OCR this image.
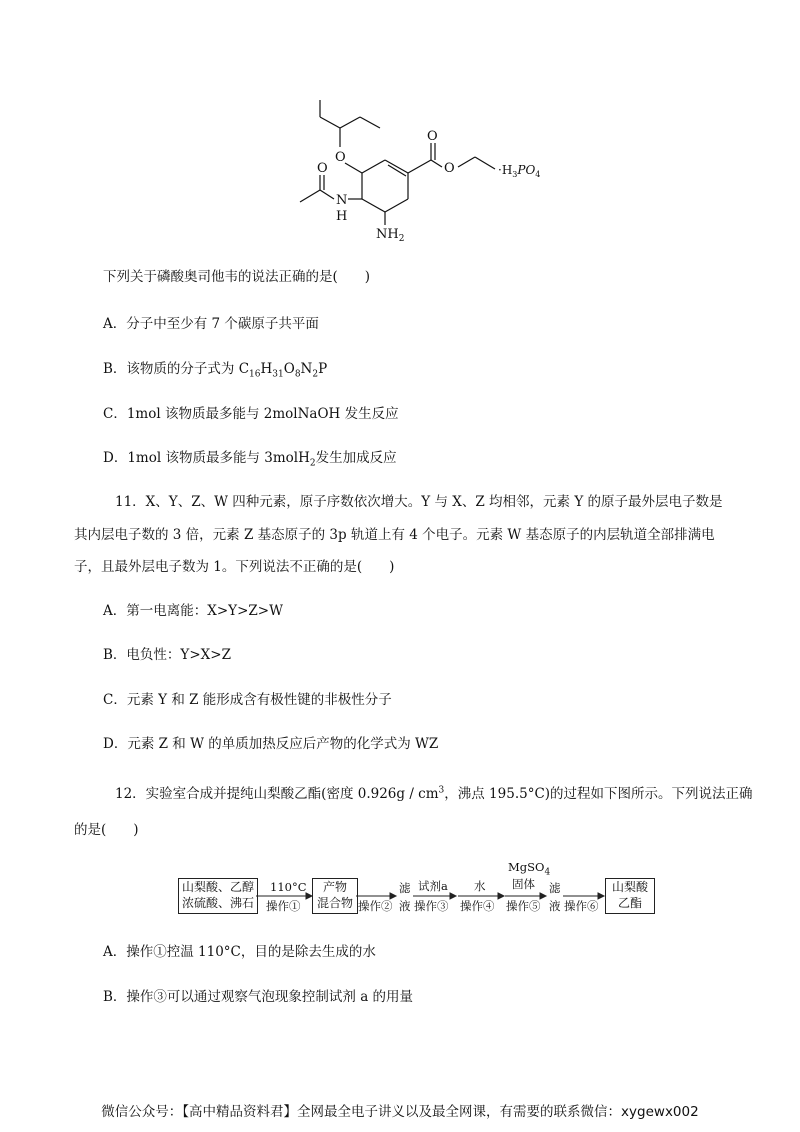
O
O
O
O
N
H
$NH_2$
$\cdot H_3PO_4$
下列关于磷酸奥司他韦的说法正确的是(　　)
A．分子中至少有 7 个碳原子共平面
B．该物质的分子式为 $C_{16}H_{31}O_8N_2P$
C．1mol 该物质最多能与 2molNaOH 发生反应
D．1mol 该物质最多能与 3molH$_2$发生加成反应
11．X、Y、Z、W 四种元素，原子序数依次增大。Y 与 X、Z 均相邻，元素 Y 的原子最外层电子数是
其内层电子数的 3 倍，元素 Z 基态原子的 3p 轨道上有 4 个电子。元素 W 基态原子的内层轨道全部排满电
子，且最外层电子数为 1。下列说法不正确的是(　　)
A．第一电离能：X>Y>Z>W
B．电负性：Y>X>Z
C．元素 Y 和 Z 能形成含有极性键的非极性分子
D．元素 Z 和 W 的单质加热反应后产物的化学式为 WZ
12．实验室合成并提纯山梨酸乙酯(密度 $0.926g / cm^3$，沸点 195.5°C)的过程如下图所示。下列说法正确
的是(　　)
山梨酸、乙醇
浓硫酸、沸石
110°C
操作①
产物
混合物 操作②
滤
液
试剂a
操作③
水
操作④
MgSO$_4$
固体
操作⑤
滤
液 操作⑥
山梨酸
乙酯
A．操作①控温 110°C，目的是除去生成的水
B．操作③可以通过观察气泡现象控制试剂 a 的用量
微信公众号：【高中精品资料君】全网最全电子讲义以及最全网课，有需要的联系微信：xygewx002
